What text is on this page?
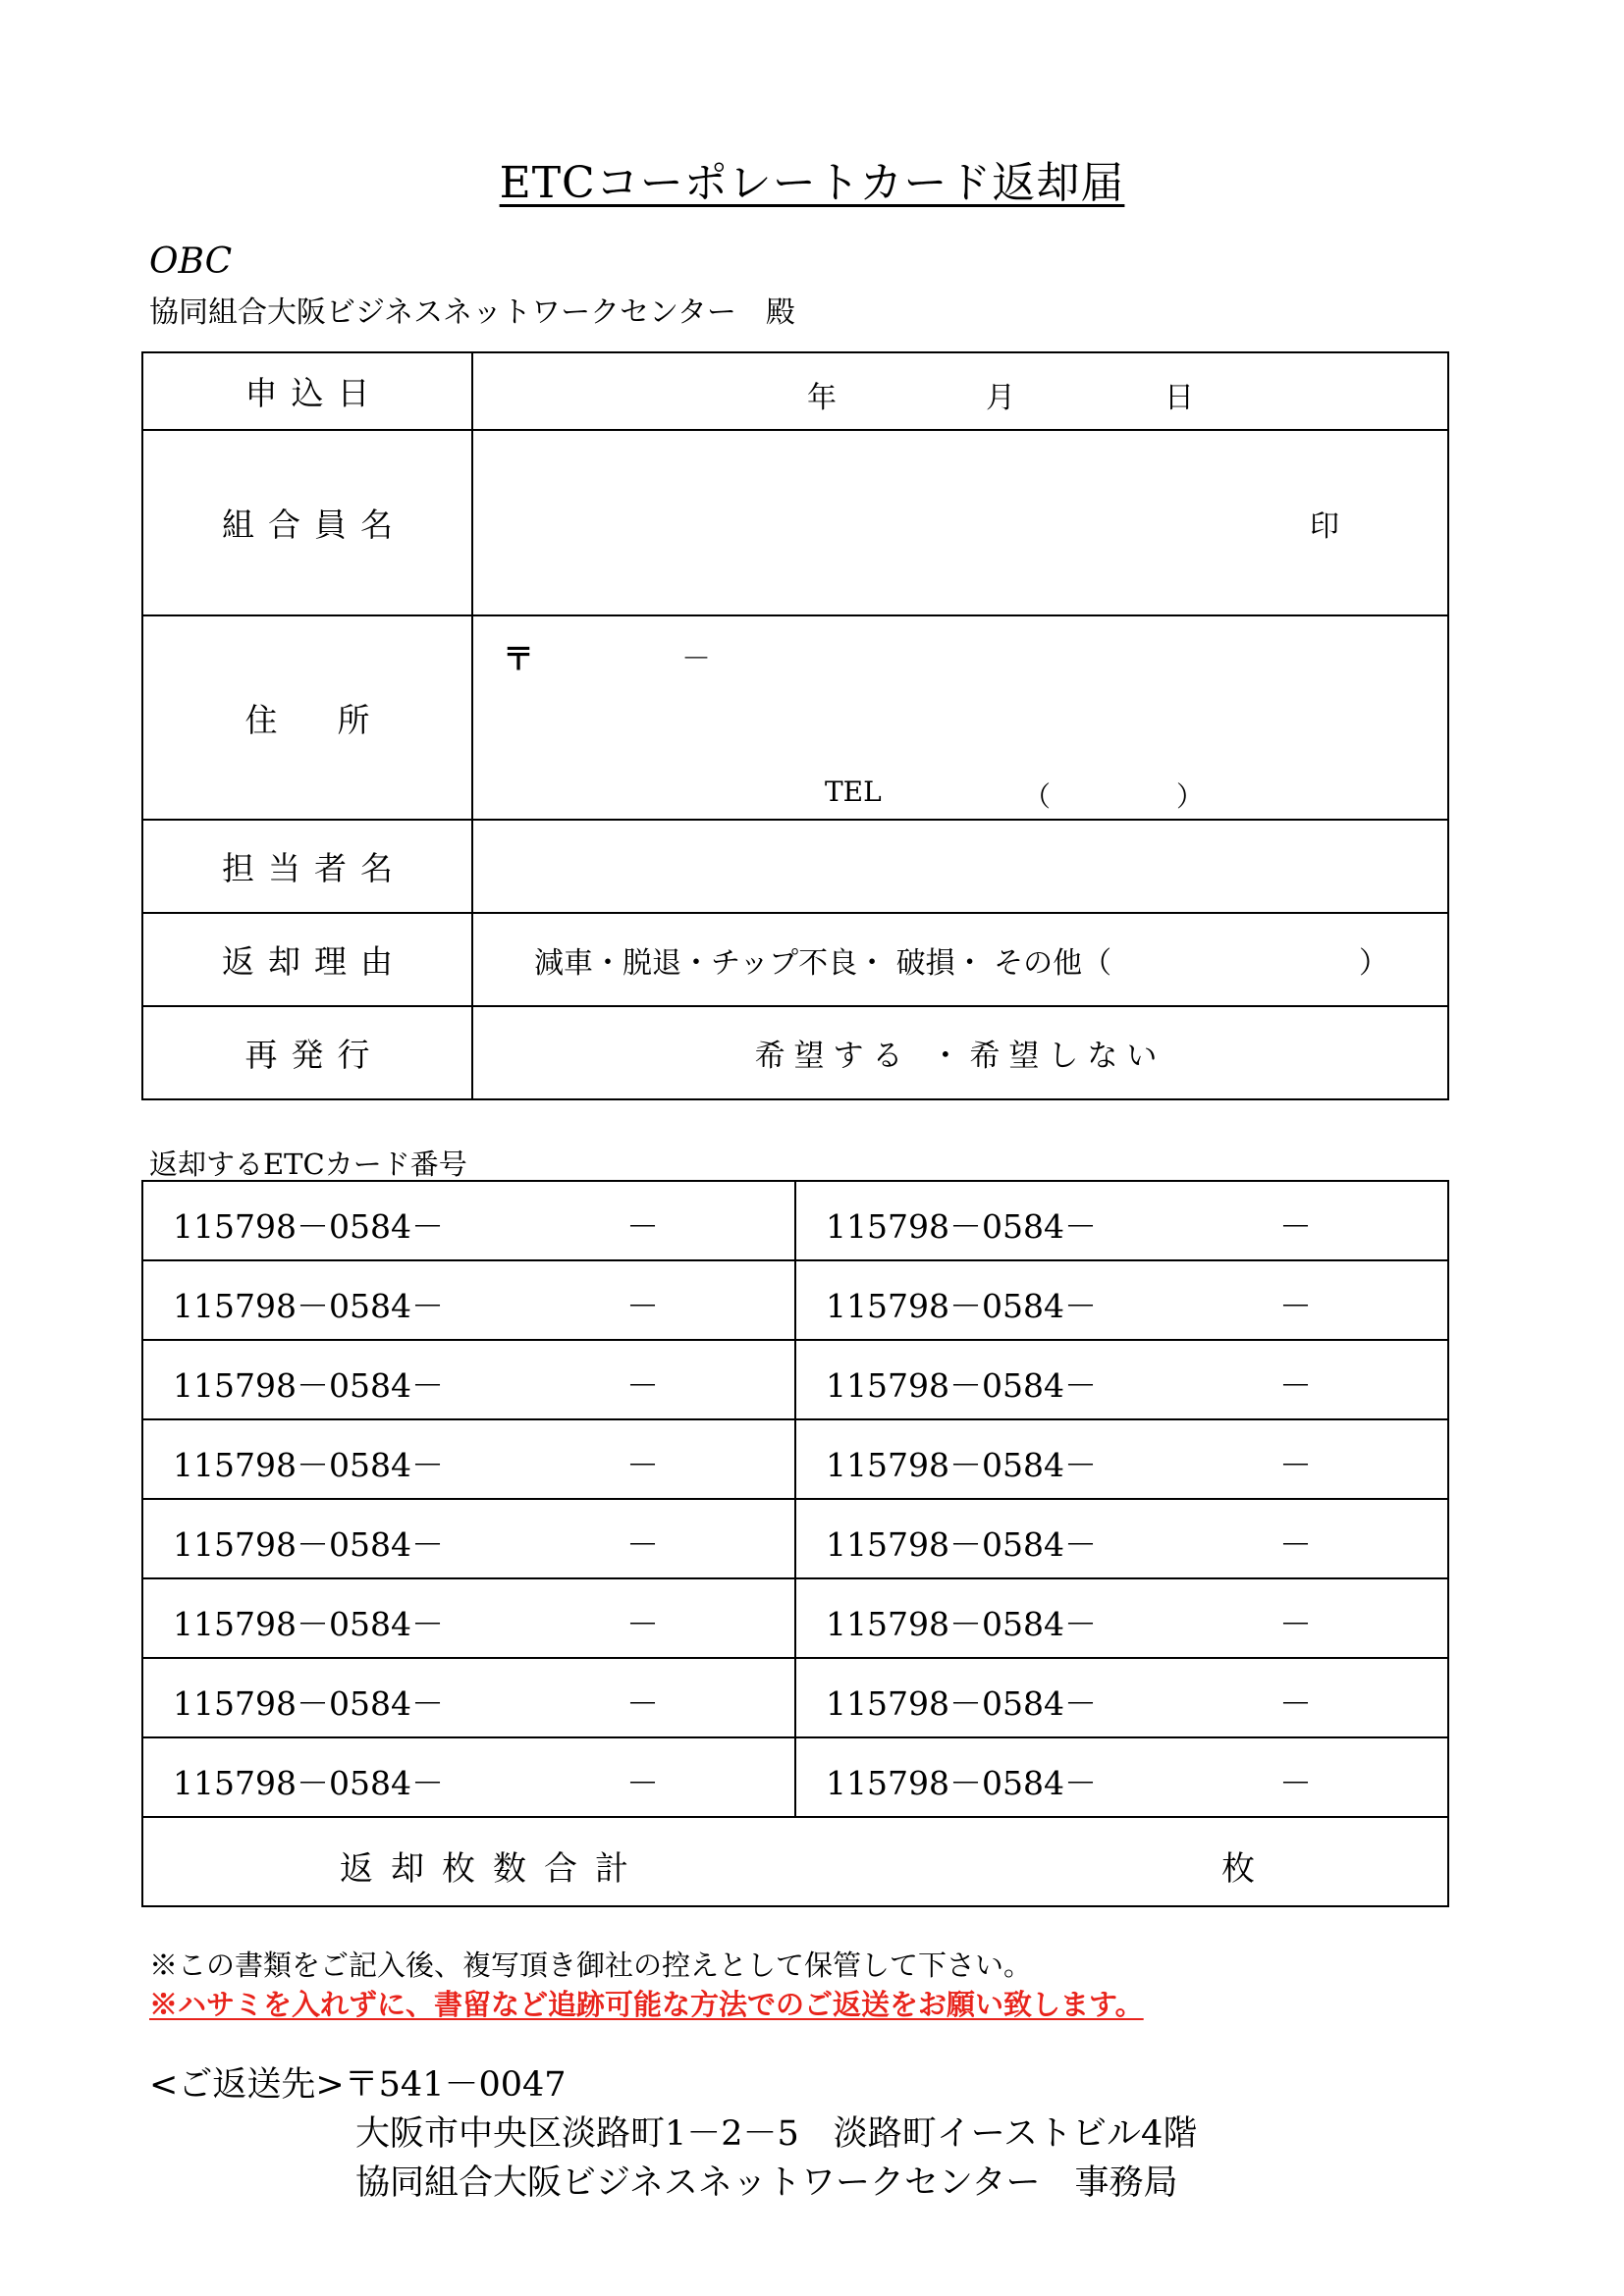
ETCコーポレートカード返却届
OBC
協同組合大阪ビジネスネットワークセンター　殿
申込日	年 月 日

組合員名	印

住　所	〒 －
TEL （ ）

担当者名	
返却理由	減車・脱退・チップ不良・ 破損・ その他（ ）

再発行	希望する ・希望しない
返却するETCカード番号
115798－0584－ －	115798－0584－ －

115798－0584－ －	115798－0584－ －

115798－0584－ －	115798－0584－ －

115798－0584－ －	115798－0584－ －

115798－0584－ －	115798－0584－ －

115798－0584－ －	115798－0584－ －

115798－0584－ －	115798－0584－ －

115798－0584－ －	115798－0584－ －

返却枚数合計 枚	
※この書類をご記入後、複写頂き御社の控えとして保管して下さい。
※ハサミを入れずに、書留など追跡可能な方法でのご返送をお願い致します。
<ご返送先>〒541－0047
大阪市中央区淡路町1－2－5　淡路町イーストビル4階
協同組合大阪ビジネスネットワークセンター　事務局
